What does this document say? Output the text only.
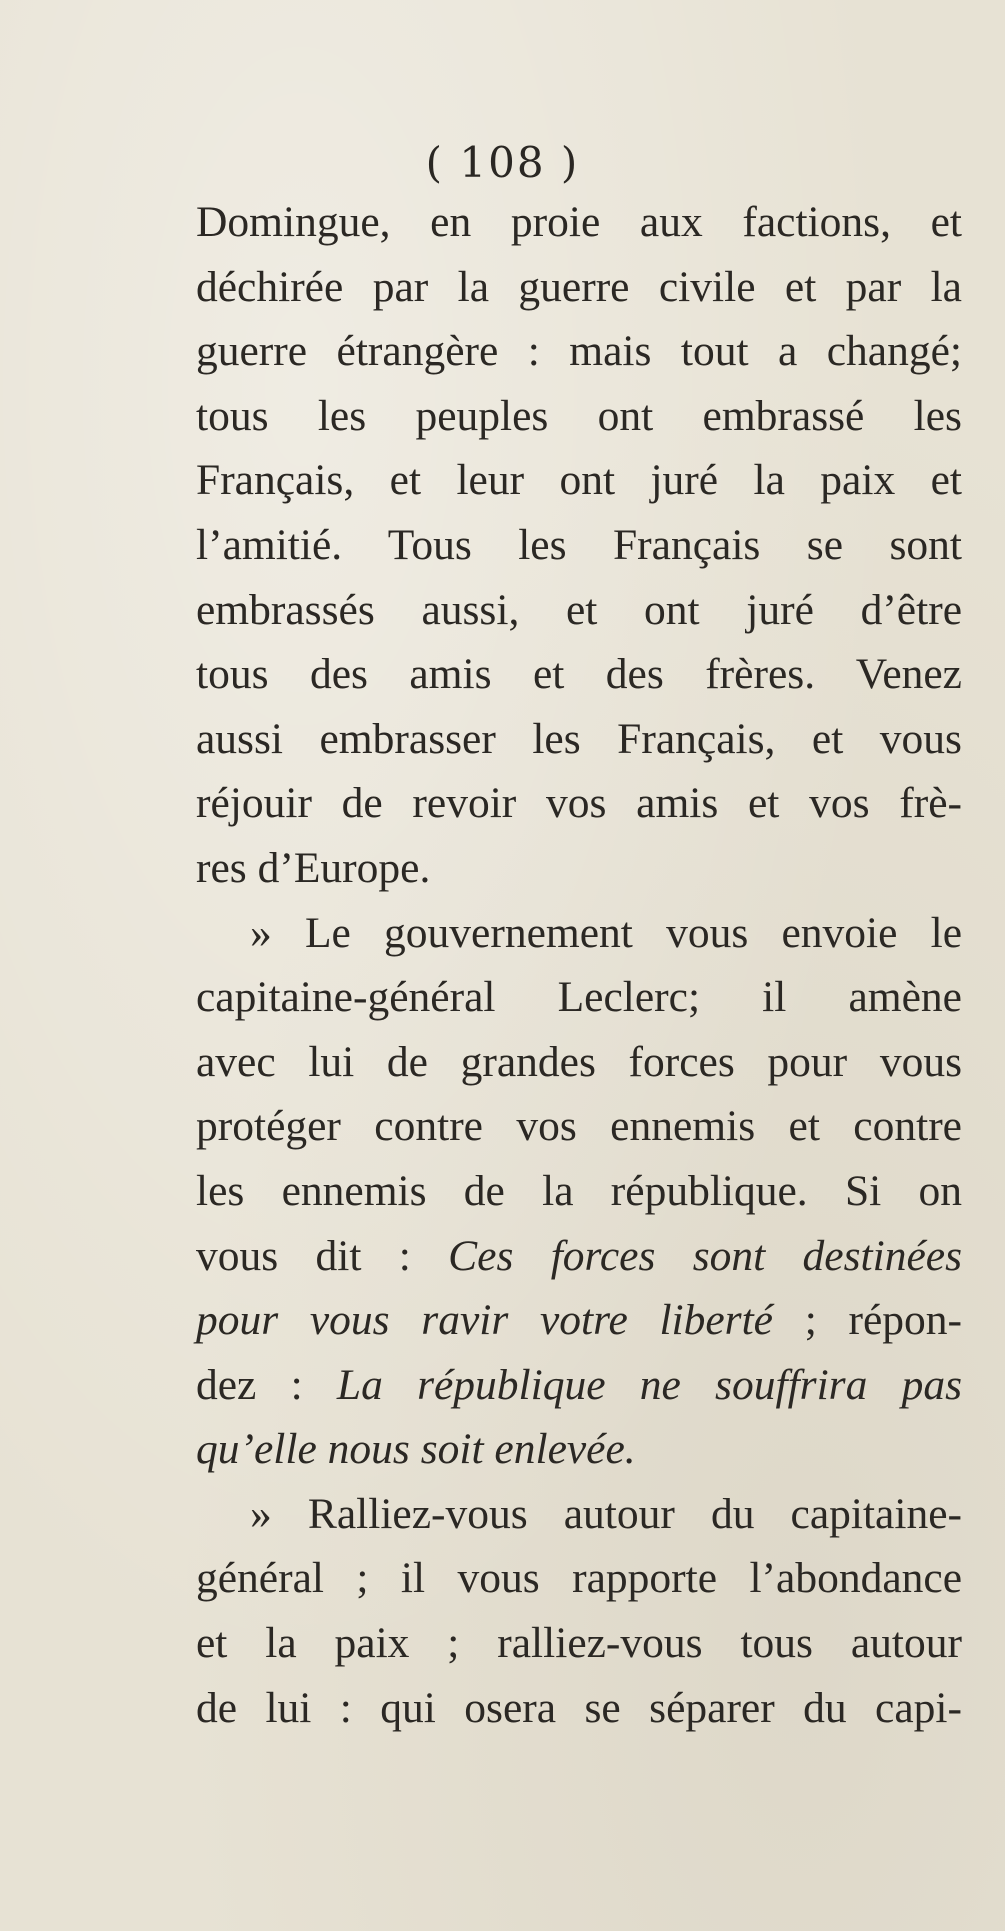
( 108 )
Domingue, en proie aux factions, et
déchirée par la guerre civile et par la
guerre étrangère : mais tout a changé;
tous les peuples ont embrassé les
Français, et leur ont juré la paix et
l’amitié. Tous les Français se sont
embrassés aussi, et ont juré d’être
tous des amis et des frères. Venez
aussi embrasser les Français, et vous
réjouir de revoir vos amis et vos frè-
res d’Europe.
» Le gouvernement vous envoie le
capitaine-général Leclerc; il amène
avec lui de grandes forces pour vous
protéger contre vos ennemis et contre
les ennemis de la république. Si on
vous dit : Ces forces sont destinées
pour vous ravir votre liberté ; répon-
dez : La république ne souffrira pas
qu’elle nous soit enlevée.
» Ralliez-vous autour du capitaine-
général ; il vous rapporte l’abondance
et la paix ; ralliez-vous tous autour
de lui : qui osera se séparer du capi-
